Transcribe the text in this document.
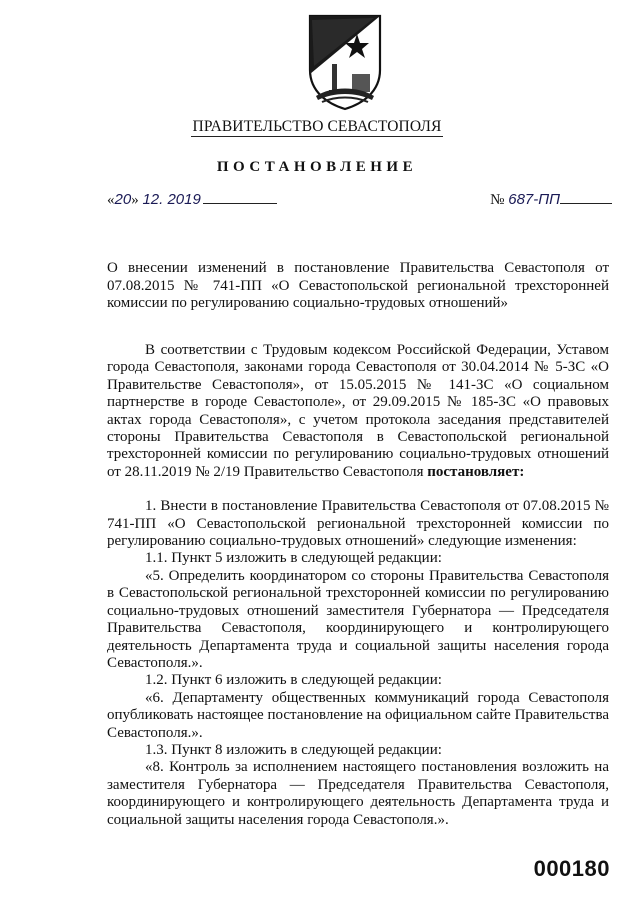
ПРАВИТЕЛЬСТВО СЕВАСТОПОЛЯ
ПОСТАНОВЛЕНИЕ
«20» 12. 2019	№ 687-ПП
О внесении изменений в постановление Правительства Севастополя от 07.08.2015 № 741-ПП «О Севастопольской региональной трехсторонней комиссии по регулированию социально-трудовых отношений»

В соответствии с Трудовым кодексом Российской Федерации, Уставом города Севастополя, законами города Севастополя от 30.04.2014 № 5-ЗС «О Правительстве Севастополя», от 15.05.2015 № 141-ЗС «О социальном партнерстве в городе Севастополе», от 29.09.2015 № 185-ЗС «О правовых актах города Севастополя», с учетом протокола заседания представителей стороны Правительства Севастополя в Севастопольской региональной трехсторонней комиссии по регулированию социально-трудовых отношений от 28.11.2019 № 2/19 Правительство Севастополя постановляет:

1. Внести в постановление Правительства Севастополя от 07.08.2015 № 741-ПП «О Севастопольской региональной трехсторонней комиссии по регулированию социально-трудовых отношений» следующие изменения:

1.1. Пункт 5 изложить в следующей редакции:

«5. Определить координатором со стороны Правительства Севастополя в Севастопольской региональной трехсторонней комиссии по регулированию социально-трудовых отношений заместителя Губернатора — Председателя Правительства Севастополя, координирующего и контролирующего деятельность Департамента труда и социальной защиты населения города Севастополя.».

1.2. Пункт 6 изложить в следующей редакции:

«6. Департаменту общественных коммуникаций города Севастополя опубликовать настоящее постановление на официальном сайте Правительства Севастополя.».

1.3. Пункт 8 изложить в следующей редакции:

«8. Контроль за исполнением настоящего постановления возложить на заместителя Губернатора — Председателя Правительства Севастополя, координирующего и контролирующего деятельность Департамента труда и социальной защиты населения города Севастополя.».

000180
